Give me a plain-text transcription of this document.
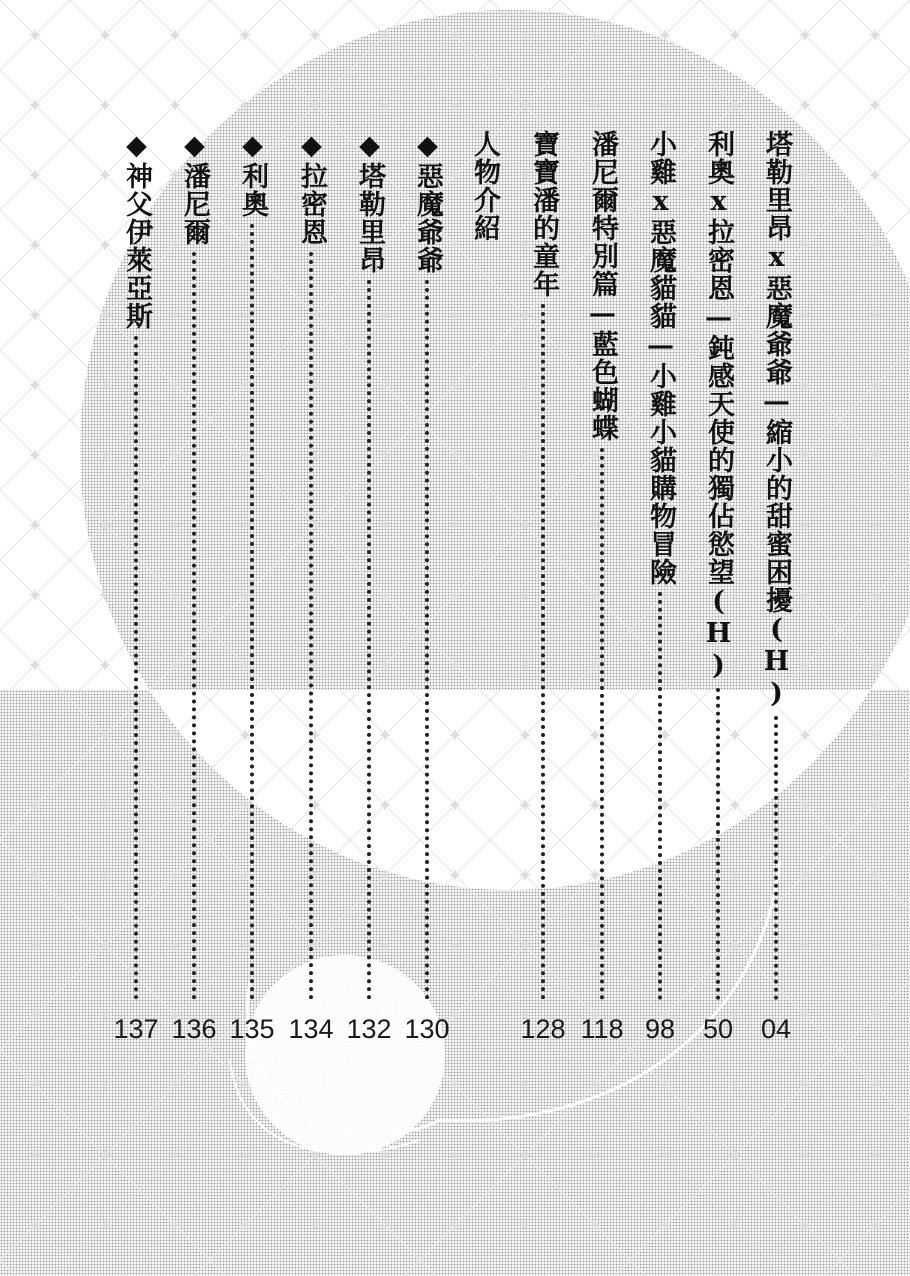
塔勒里昂x惡魔爺爺—縮小的甜蜜困擾(H)
04
利奧x拉密恩—鈍感天使的獨佔慾望(H)
50
小雞x惡魔貓貓—小雞小貓購物冒險
98
潘尼爾特別篇—藍色蝴蝶
118
寶寶潘的童年
128
人物介紹
◆惡魔爺爺
130
◆塔勒里昂
132
◆拉密恩
134
◆利奧
135
◆潘尼爾
136
◆神父伊萊亞斯
137
